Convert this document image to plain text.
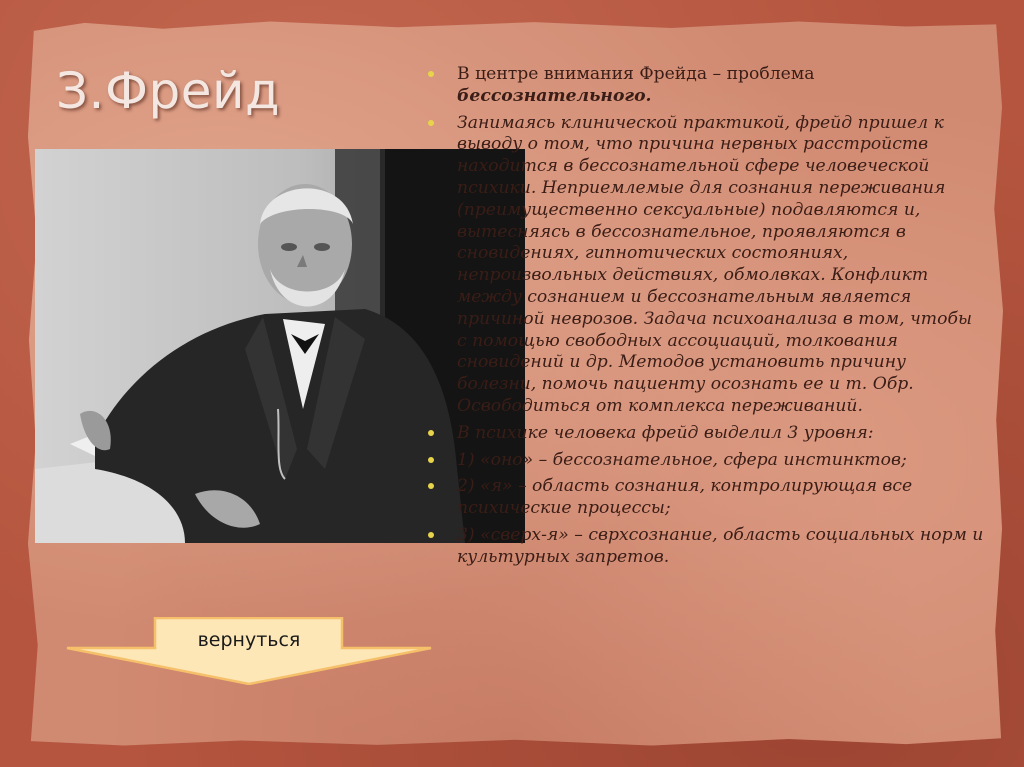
З.Фрейд	В центре внимания Фрейда – проблема бессознательного.
Занимаясь клинической практикой, фрейд пришел к выводу о том, что причина нервных расстройств находится в бессознательной сфере человеческой психики. Неприемлемые для сознания переживания (преимущественно сексуальные) подавляются и, вытесняясь в бессознательное, проявляются в сновидениях, гипнотических состояниях, непроизвольных действиях, обмолвках. Конфликт между сознанием и бессознательным является причиной неврозов. Задача психоанализа в том, чтобы с помощью свободных ассоциаций, толкования сновидений и др. Методов установить причину болезни, помочь пациенту осознать ее и т. Обр. Освободиться от комплекса переживаний.
В психике человека фрейд выделил 3 уровня:
1) «оно» – бессознательное, сфера инстинктов;
2) «я» – область сознания, контролирующая все психические процессы;
3) «сверх-я» – сврхсознание, область социальных норм и культурных запретов.
вернуться
